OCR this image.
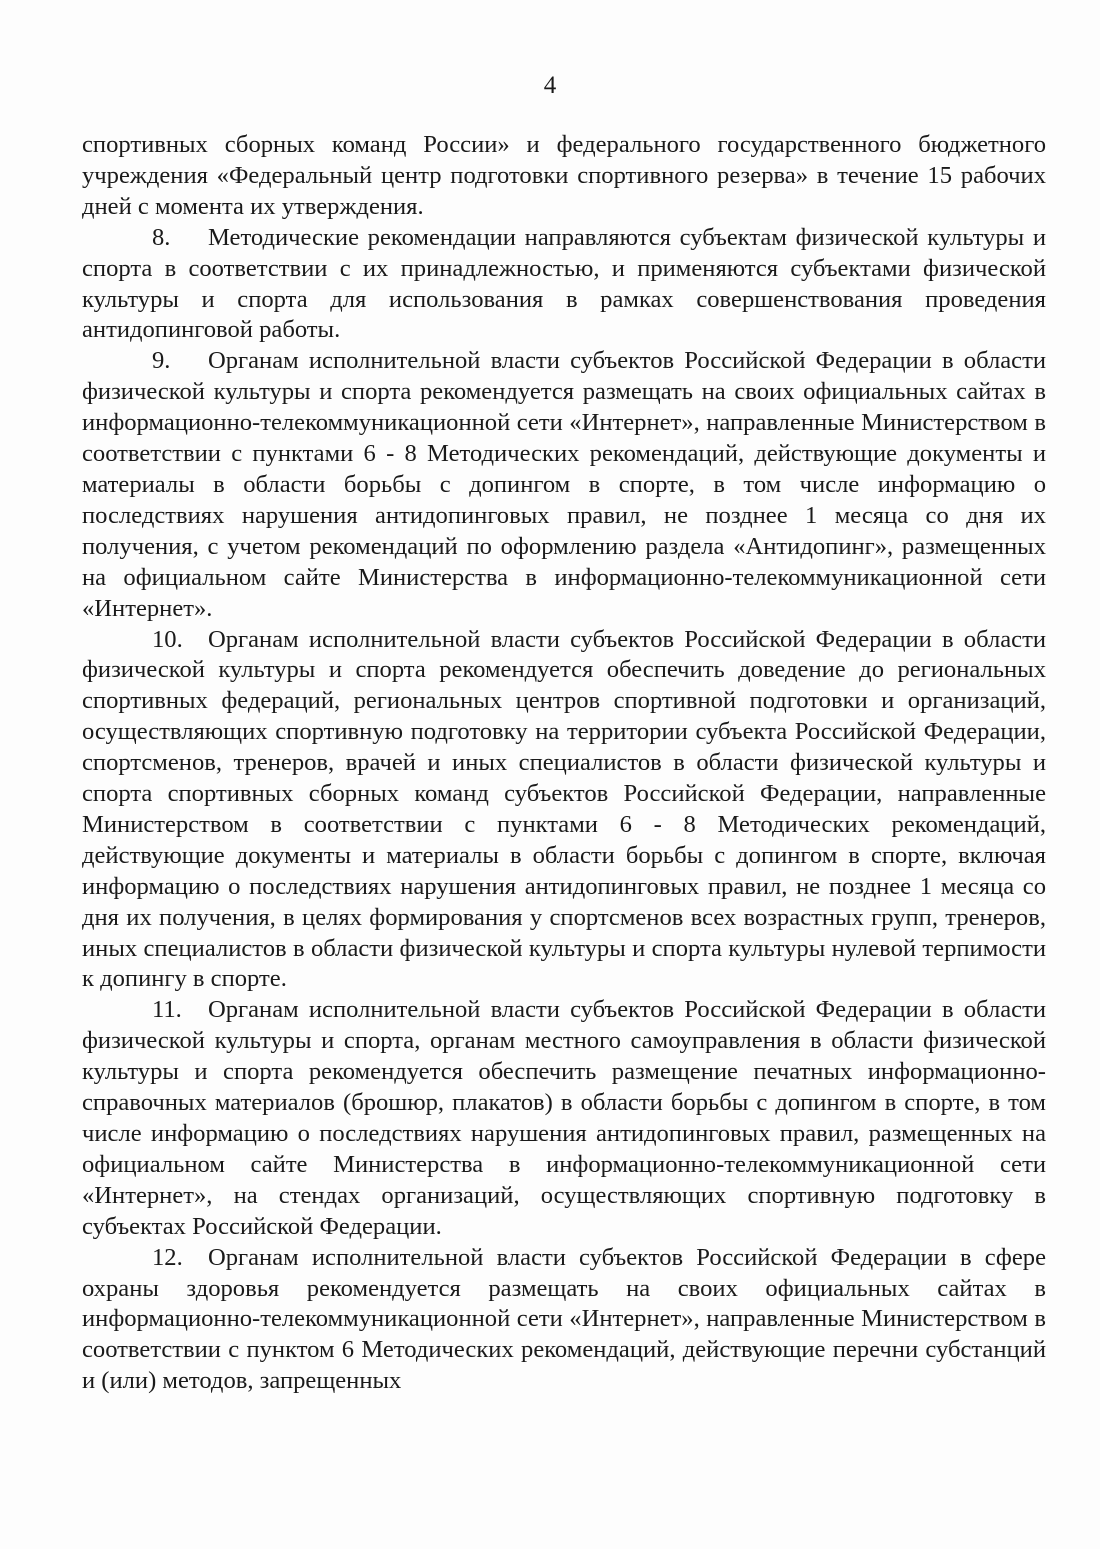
4

спортивных сборных команд России» и федерального государственного бюджетного учреждения «Федеральный центр подготовки спортивного резерва» в течение 15 рабочих дней с момента их утверждения.

8. Методические рекомендации направляются субъектам физической культуры и спорта в соответствии с их принадлежностью, и применяются субъектами физической культуры и спорта для использования в рамках совершенствования проведения антидопинговой работы.

9. Органам исполнительной власти субъектов Российской Федерации в области физической культуры и спорта рекомендуется размещать на своих официальных сайтах в информационно-телекоммуникационной сети «Интернет», направленные Министерством в соответствии с пунктами 6 - 8 Методических рекомендаций, действующие документы и материалы в области борьбы с допингом в спорте, в том числе информацию о последствиях нарушения антидопинговых правил, не позднее 1 месяца со дня их получения, с учетом рекомендаций по оформлению раздела «Антидопинг», размещенных на официальном сайте Министерства в информационно-телекоммуникационной сети «Интернет».

10. Органам исполнительной власти субъектов Российской Федерации в области физической культуры и спорта рекомендуется обеспечить доведение до региональных спортивных федераций, региональных центров спортивной подготовки и организаций, осуществляющих спортивную подготовку на территории субъекта Российской Федерации, спортсменов, тренеров, врачей и иных специалистов в области физической культуры и спорта спортивных сборных команд субъектов Российской Федерации, направленные Министерством в соответствии с пунктами 6 - 8 Методических рекомендаций, действующие документы и материалы в области борьбы с допингом в спорте, включая информацию о последствиях нарушения антидопинговых правил, не позднее 1 месяца со дня их получения, в целях формирования у спортсменов всех возрастных групп, тренеров, иных специалистов в области физической культуры и спорта культуры нулевой терпимости к допингу в спорте.

11. Органам исполнительной власти субъектов Российской Федерации в области физической культуры и спорта, органам местного самоуправления в области физической культуры и спорта рекомендуется обеспечить размещение печатных информационно-справочных материалов (брошюр, плакатов) в области борьбы с допингом в спорте, в том числе информацию о последствиях нарушения антидопинговых правил, размещенных на официальном сайте Министерства в информационно-телекоммуникационной сети «Интернет», на стендах организаций, осуществляющих спортивную подготовку в субъектах Российской Федерации.

12. Органам исполнительной власти субъектов Российской Федерации в сфере охраны здоровья рекомендуется размещать на своих официальных сайтах в информационно-телекоммуникационной сети «Интернет», направленные Министерством в соответствии с пунктом 6 Методических рекомендаций, действующие перечни субстанций и (или) методов, запрещенных
